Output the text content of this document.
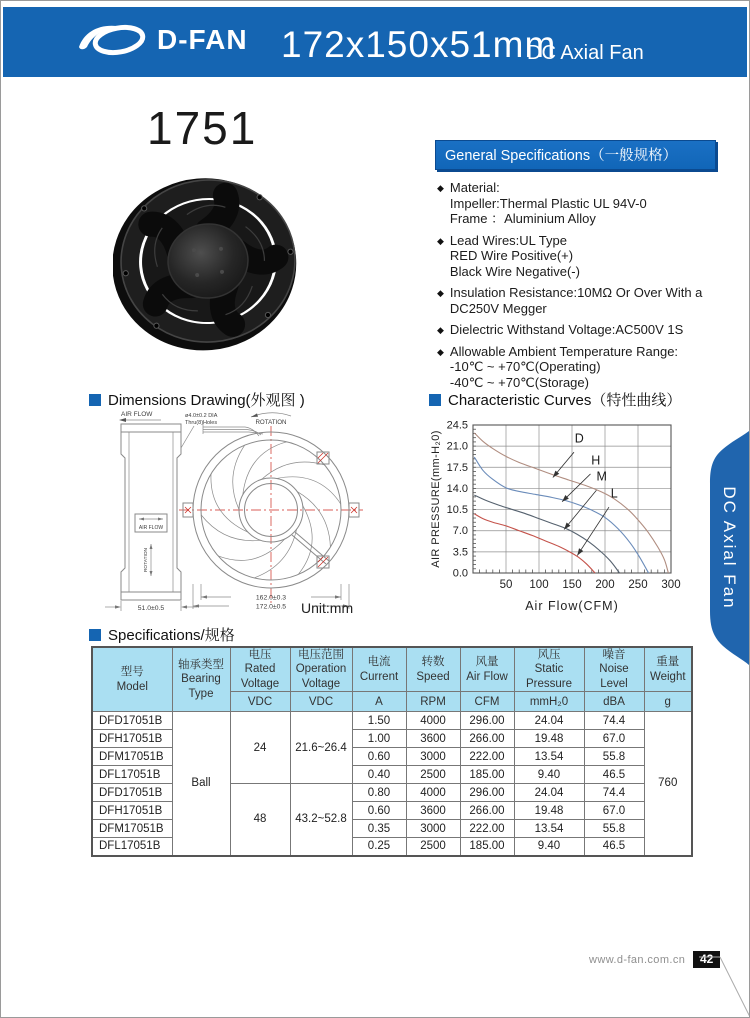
D-FAN 172x150x51mm
DC Axial Fan
1751
General Specifications（一般规格）
◆ Material:
Impeller:Thermal Plastic UL 94V-0
Frame ：Aluminium Alloy
◆ Lead Wires:UL Type
RED Wire Positive(+)
Black Wire Negative(-)
◆ Insulation Resistance:10MΩ Or Over With a
DC250V Megger
◆ Dielectric Withstand Voltage:AC500V 1S
◆ Allowable Ambient Temperature Range:
-10℃ ~ +70℃(Operating)
-40℃ ~ +70℃(Storage)
Dimensions Drawing(外观图 )	Characteristic Curves（特性曲线）
Specifications/规格
AIR FLOW	ø4.0±0.2 DIA
Thru(8)Holes
AIR FLOW
ROTATION
51.0±0.5
ROTATION
162.0±0.3
172.0±0.5 Unit:mm
50 100 150 200 250 300
0.0
3.5
7.0
10.5
14.0
17.5
21.0
24.5
Air Flow(CFM)
AIR PRESSURE(mm-H₂0)	D
H
M
L
型号
Model	轴承类型
Bearing
Type	电压
Rated
Voltage	电压范围
Operation
Voltage	电流
Current	转数
Speed	风量
Air Flow	风压
Static
Pressure	噪音
Noise Level	重量
Weight
		VDC	VDC	A	RPM	CFM	mmH₂0	dBA	g
DFD17051B	Ball	24	21.6~26.4	1.50	4000	296.00	24.04	74.4	760
DFH17051B				1.00	3600	266.00	19.48	67.0	
DFM17051B				0.60	3000	222.00	13.54	55.8	
DFL17051B				0.40	2500	185.00	9.40	46.5	
DFD17051B		48	43.2~52.8	0.80	4000	296.00	24.04	74.4	
DFH17051B				0.60	3600	266.00	19.48	67.0	
DFM17051B				0.35	3000	222.00	13.54	55.8	
DFL17051B				0.25	2500	185.00	9.40	46.5	
www.d-fan.com.cn	42
DC Axial Fan
